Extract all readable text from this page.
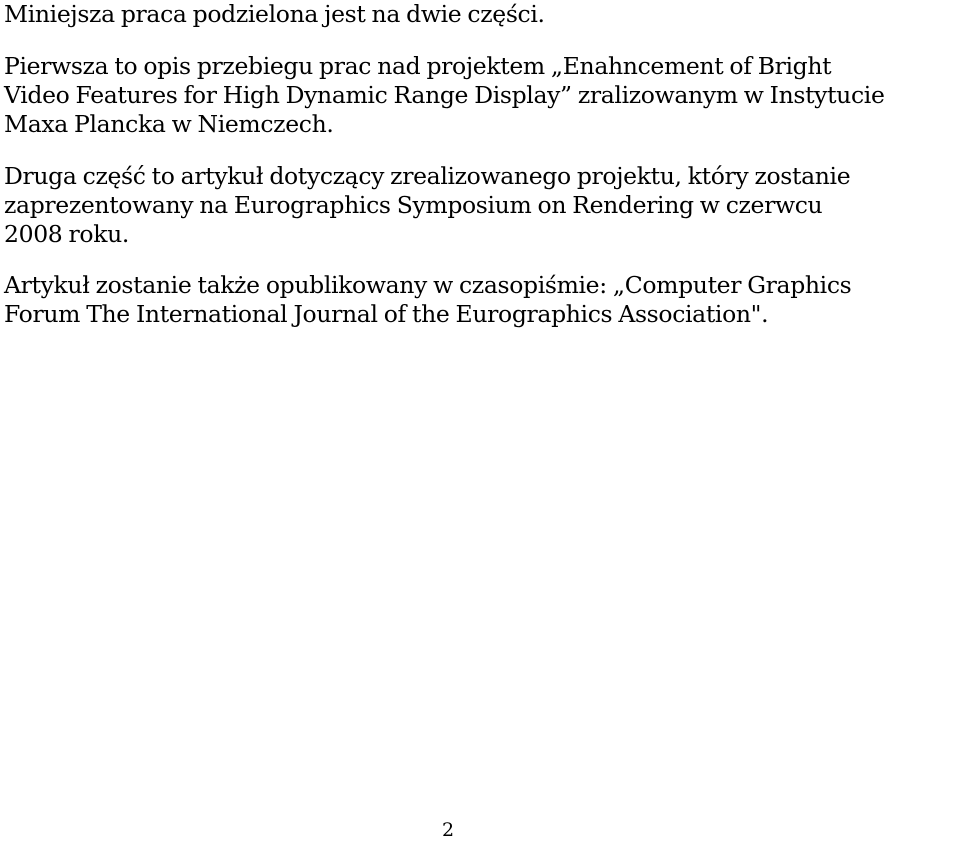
Miniejsza praca podzielona jest na dwie części.
Pierwsza to opis przebiegu prac nad projektem „Enahncement of Bright
Video Features for High Dynamic Range Display” zralizowanym w Instytucie
Maxa Plancka w Niemczech.
Druga część to artykuł dotyczący zrealizowanego projektu, który zostanie
zaprezentowany na Eurographics Symposium on Rendering w czerwcu
2008 roku.
Artykuł zostanie także opublikowany w czasopiśmie: „Computer Graphics
Forum The International Journal of the Eurographics Association".
2
